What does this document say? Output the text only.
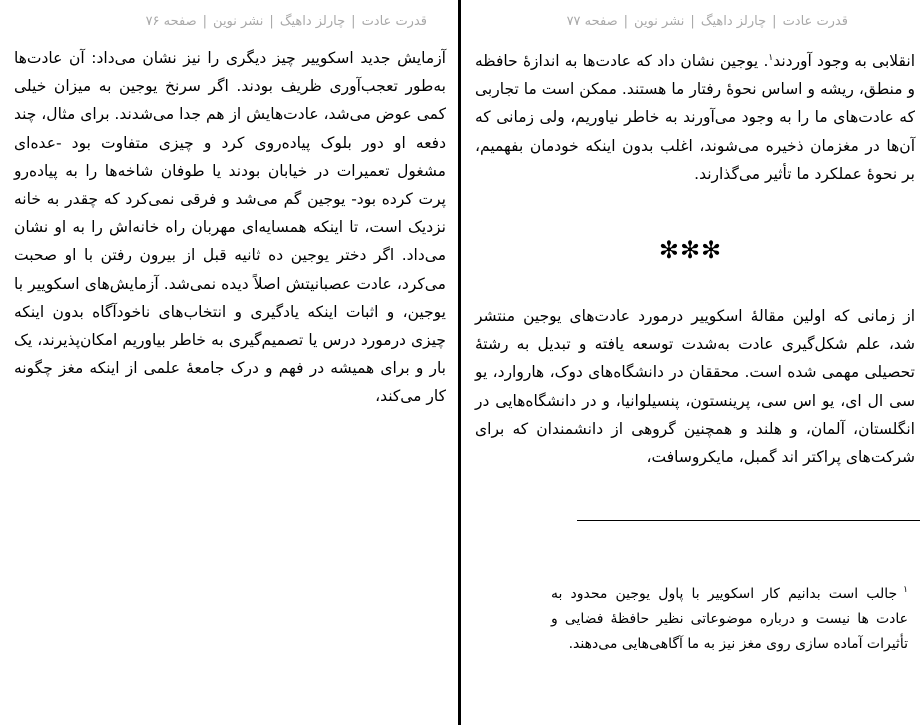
قدرت عادت|چارلز داهیگ|نشر نوین|صفحه ۷۶

آزمایش جدید اسکوییر چیز دیگری را نیز نشان می‌داد: آن عادت‌ها به‌طور تعجب‌آوری ظریف بودند. اگر سرنخ یوجین به میزان خیلی کمی عوض می‌شد، عادت‌هایش از هم جدا می‌شدند. برای مثال، چند دفعه او دور بلوک پیاده‌روی کرد و چیزی متفاوت بود -عده‌ای مشغول تعمیرات در خیابان بودند یا طوفان شاخه‌ها را به پیاده‌رو پرت کرده بود- یوجین گم می‌شد و فرقی نمی‌کرد که چقدر به خانه نزدیک است، تا اینکه همسایه‌ای مهربان راه خانه‌اش را به او نشان می‌داد. اگر دختر یوجین ده ثانیه قبل از بیرون رفتن با او صحبت می‌کرد، عادت عصبانیتش اصلاً دیده نمی‌شد. آزمایش‌های اسکوییر با یوجین، و اثبات اینکه یادگیری و انتخاب‌های ناخودآگاه بدون اینکه چیزی درمورد درس یا تصمیم‌گیری به خاطر بیاوریم امکان‌پذیرند، یک بار و برای همیشه در فهم و درک جامعهٔ علمی از اینکه مغز چگونه کار می‌کند،

قدرت عادت|چارلز داهیگ|نشر نوین|صفحه ۷۷

انقلابی به وجود آوردند$^۱$. یوجین نشان داد که عادت‌ها به اندازهٔ حافظه و منطق، ریشه و اساس نحوهٔ رفتار ما هستند. ممکن است ما تجاربی که عادت‌های ما را به وجود می‌آورند به خاطر نیاوریم، ولی زمانی که آن‌ها در مغزمان ذخیره می‌شوند، اغلب بدون اینکه خودمان بفهمیم، بر نحوهٔ عملکرد ما تأثیر می‌گذارند.

✻✻✻

از زمانی که اولین مقالهٔ اسکوییر درمورد عادت‌های یوجین منتشر شد، علم شکل‌گیری عادت به‌شدت توسعه یافته و تبدیل به رشتهٔ تحصیلی مهمی شده است. محققان در دانشگاه‌های دوک، هاروارد، یو سی ال ای، یو اس سی، پرینستون، پنسیلوانیا، و در دانشگاه‌هایی در انگلستان، آلمان، و هلند و همچنین گروهی از دانشمندان که برای شرکت‌های پراکتر اند گمبل، مایکروسافت،

$^۱$جالب است بدانیم کار اسکوییر با پاول یوجین محدود به عادت ها نیست و درباره موضوعاتی نظیر حافظهٔ فضایی و تأثیرات آماده سازی روی مغز نیز به ما آگاهی‌هایی می‌دهند.
